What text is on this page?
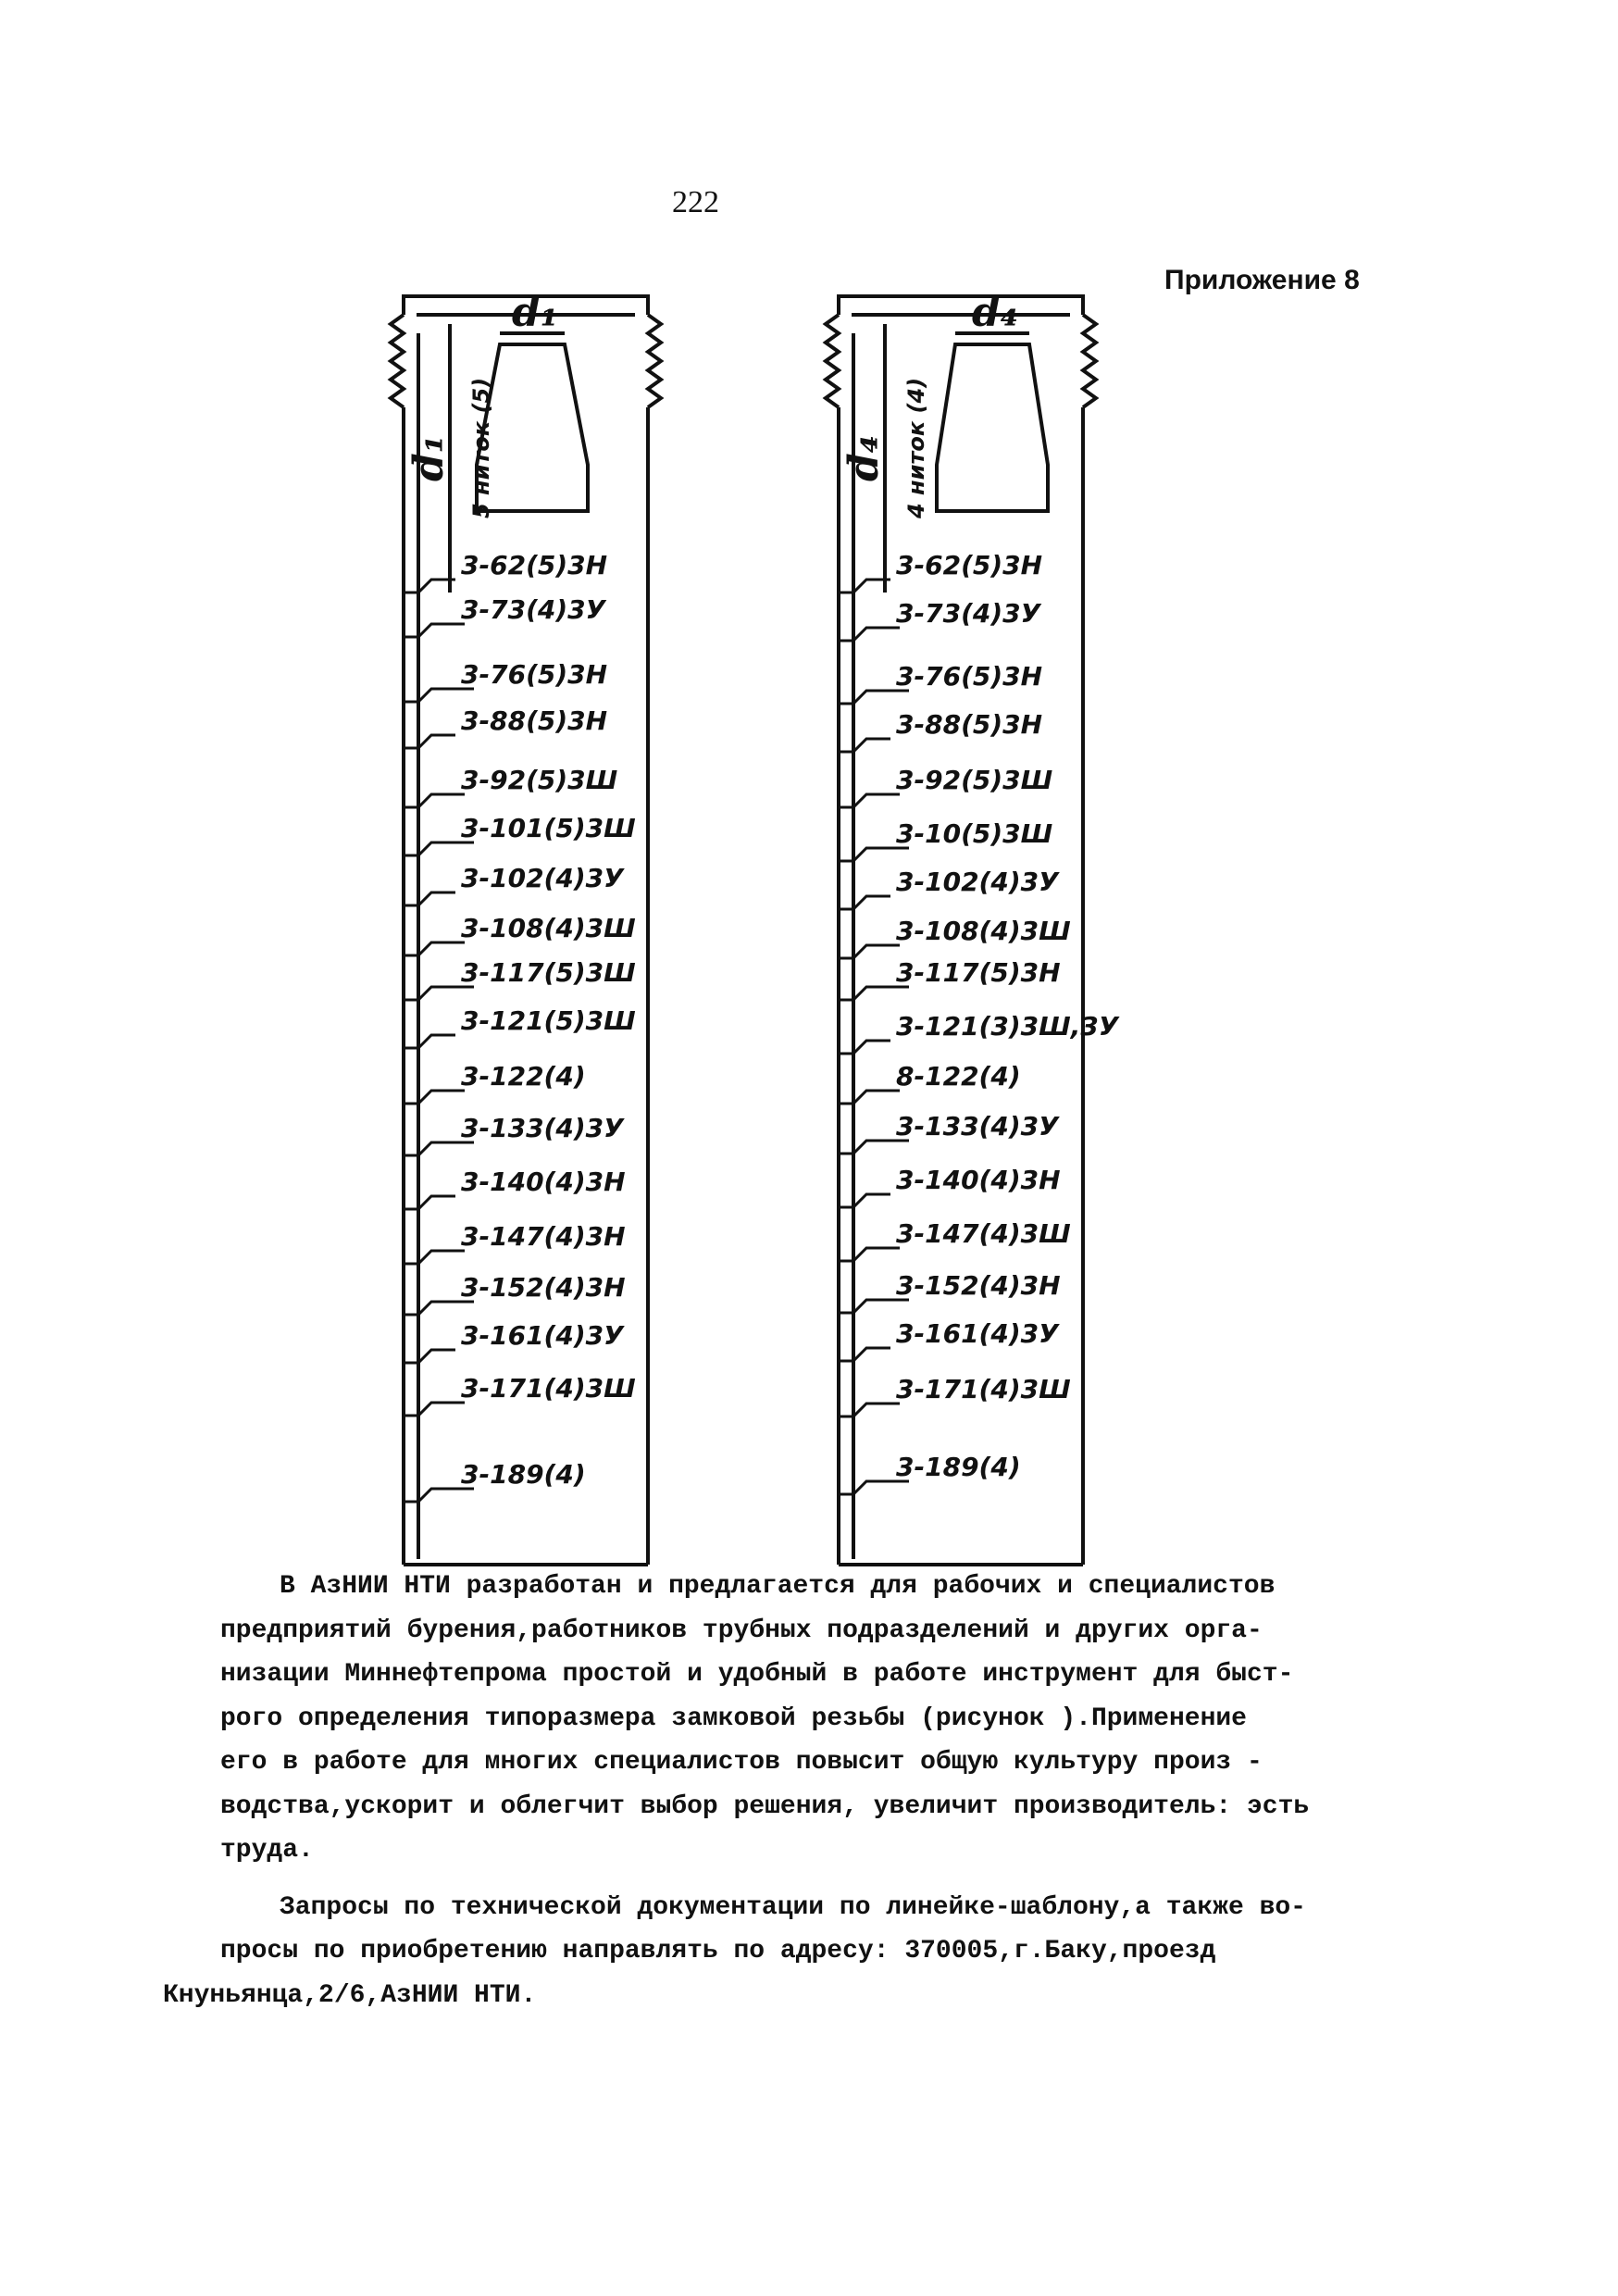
222
Приложение 8
d₁
d₁
5 ниток (5)
3-62(5)3Н
3-73(4)3У
3-76(5)3Н
3-88(5)3Н
3-92(5)3Ш
3-101(5)3Ш
3-102(4)3У
3-108(4)3Ш
3-117(5)3Ш
3-121(5)3Ш
3-122(4)
3-133(4)3У
3-140(4)3Н
3-147(4)3Н
3-152(4)3Н
3-161(4)3У
3-171(4)3Ш
3-189(4)
d₄
d₄
4 ниток (4)
3-62(5)3Н
3-73(4)3У
3-76(5)3Н
3-88(5)3Н
3-92(5)3Ш
3-10(5)3Ш
3-102(4)3У
3-108(4)3Ш
3-117(5)3Н
3-121(3)3Ш,3У
8-122(4)
3-133(4)3У
3-140(4)3Н
3-147(4)3Ш
3-152(4)3Н
3-161(4)3У
3-171(4)3Ш
3-189(4)

В АзНИИ НТИ разработан и предлагается для рабочих и специалистов

предприятий бурения,работников трубных подразделений и других орга-

низации Миннефтепрома простой и удобный в работе инструмент для быст-

рого определения типоразмера замковой резьбы (рисунок ).Применение

его в работе для многих специалистов повысит общую культуру произ -

водства,ускорит и облегчит выбор решения, увеличит производитель: эсть

труда.

Запросы по технической документации по линейке-шаблону,а также во-

просы по приобретению направлять по адресу: 370005,г.Баку,проезд

Кнуньянца,2/6,АзНИИ НТИ.
